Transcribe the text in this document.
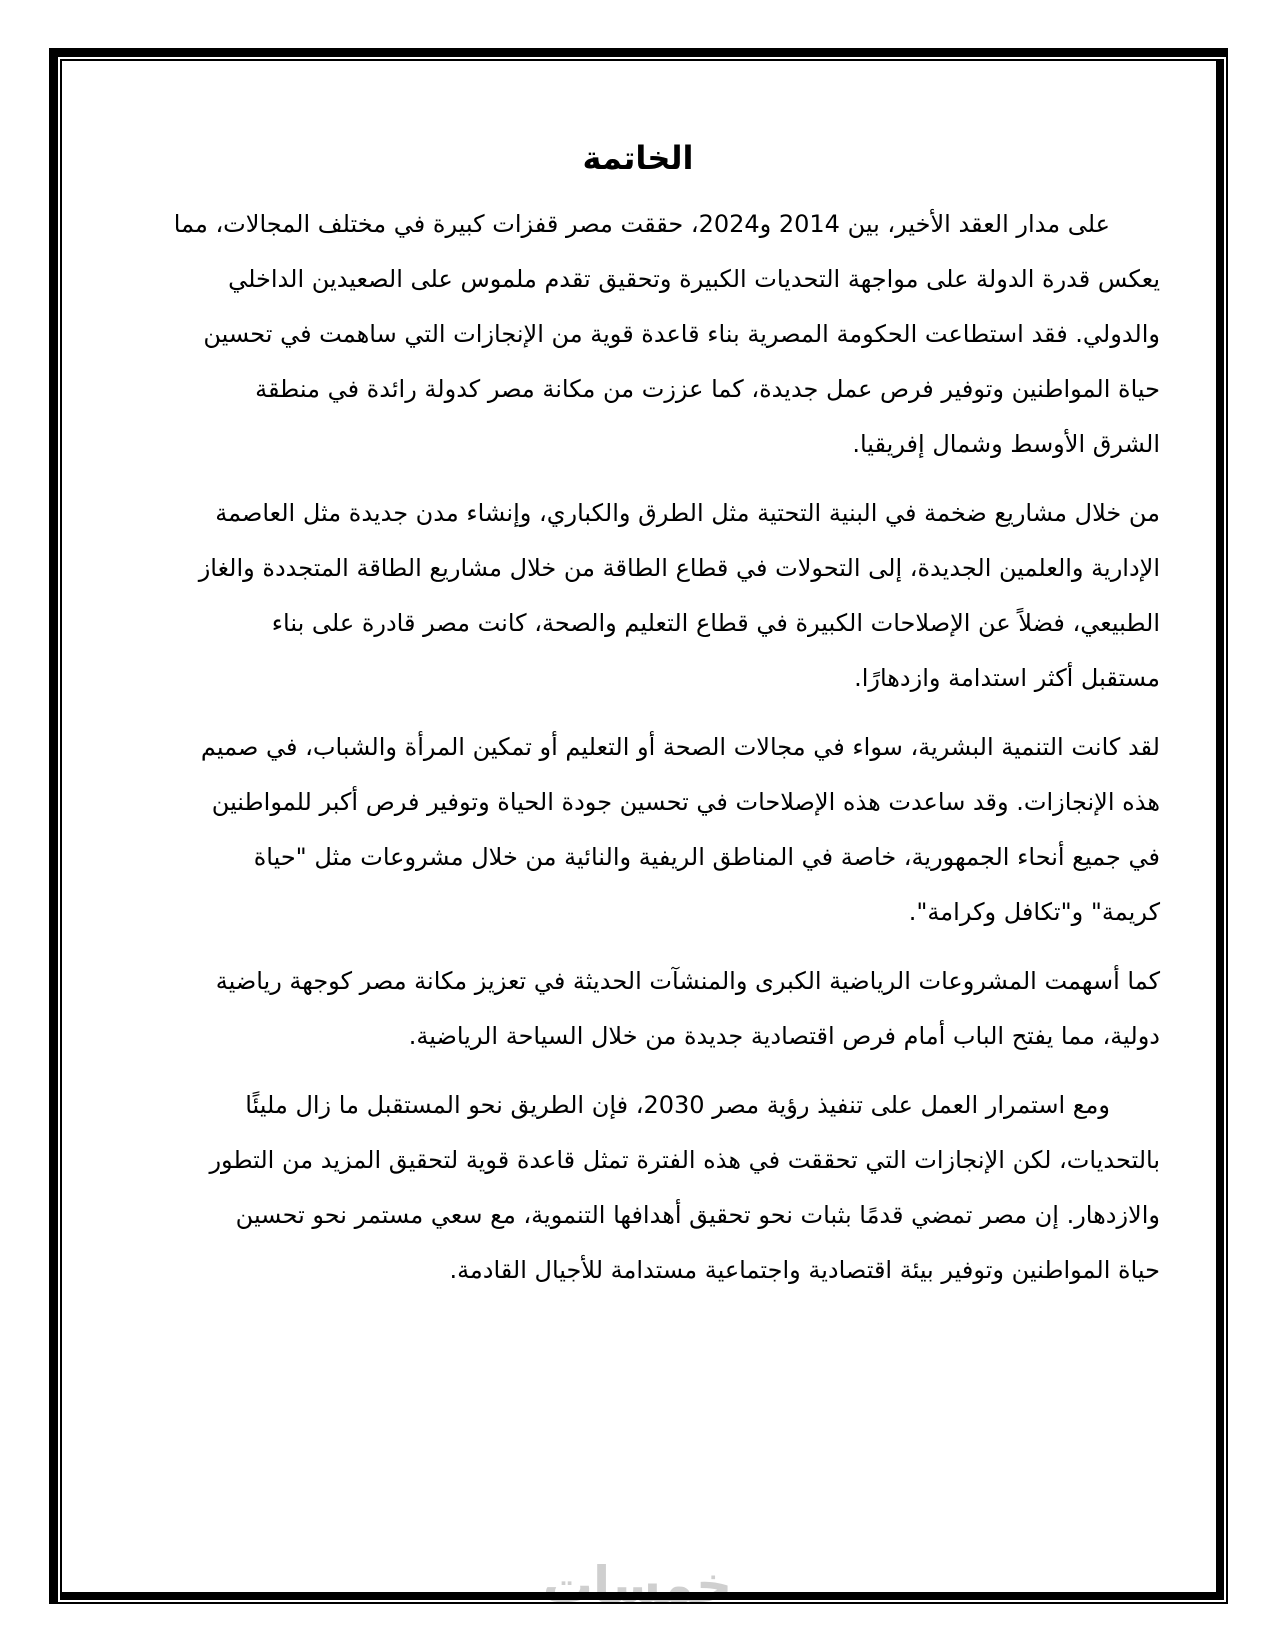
خمسات
الخاتمة
على مدار العقد الأخير، بين 2014 و2024، حققت مصر قفزات كبيرة في مختلف المجالات، مما
يعكس قدرة الدولة على مواجهة التحديات الكبيرة وتحقيق تقدم ملموس على الصعيدين الداخلي
والدولي. فقد استطاعت الحكومة المصرية بناء قاعدة قوية من الإنجازات التي ساهمت في تحسين
حياة المواطنين وتوفير فرص عمل جديدة، كما عززت من مكانة مصر كدولة رائدة في منطقة
الشرق الأوسط وشمال إفريقيا.
من خلال مشاريع ضخمة في البنية التحتية مثل الطرق والكباري، وإنشاء مدن جديدة مثل العاصمة
الإدارية والعلمين الجديدة، إلى التحولات في قطاع الطاقة من خلال مشاريع الطاقة المتجددة والغاز
الطبيعي، فضلاً عن الإصلاحات الكبيرة في قطاع التعليم والصحة، كانت مصر قادرة على بناء
مستقبل أكثر استدامة وازدهارًا.
لقد كانت التنمية البشرية، سواء في مجالات الصحة أو التعليم أو تمكين المرأة والشباب، في صميم
هذه الإنجازات. وقد ساعدت هذه الإصلاحات في تحسين جودة الحياة وتوفير فرص أكبر للمواطنين
في جميع أنحاء الجمهورية، خاصة في المناطق الريفية والنائية من خلال مشروعات مثل "حياة
كريمة" و"تكافل وكرامة".
كما أسهمت المشروعات الرياضية الكبرى والمنشآت الحديثة في تعزيز مكانة مصر كوجهة رياضية
دولية، مما يفتح الباب أمام فرص اقتصادية جديدة من خلال السياحة الرياضية.
ومع استمرار العمل على تنفيذ رؤية مصر 2030، فإن الطريق نحو المستقبل ما زال مليئًا
بالتحديات، لكن الإنجازات التي تحققت في هذه الفترة تمثل قاعدة قوية لتحقيق المزيد من التطور
والازدهار. إن مصر تمضي قدمًا بثبات نحو تحقيق أهدافها التنموية، مع سعي مستمر نحو تحسين
حياة المواطنين وتوفير بيئة اقتصادية واجتماعية مستدامة للأجيال القادمة.
